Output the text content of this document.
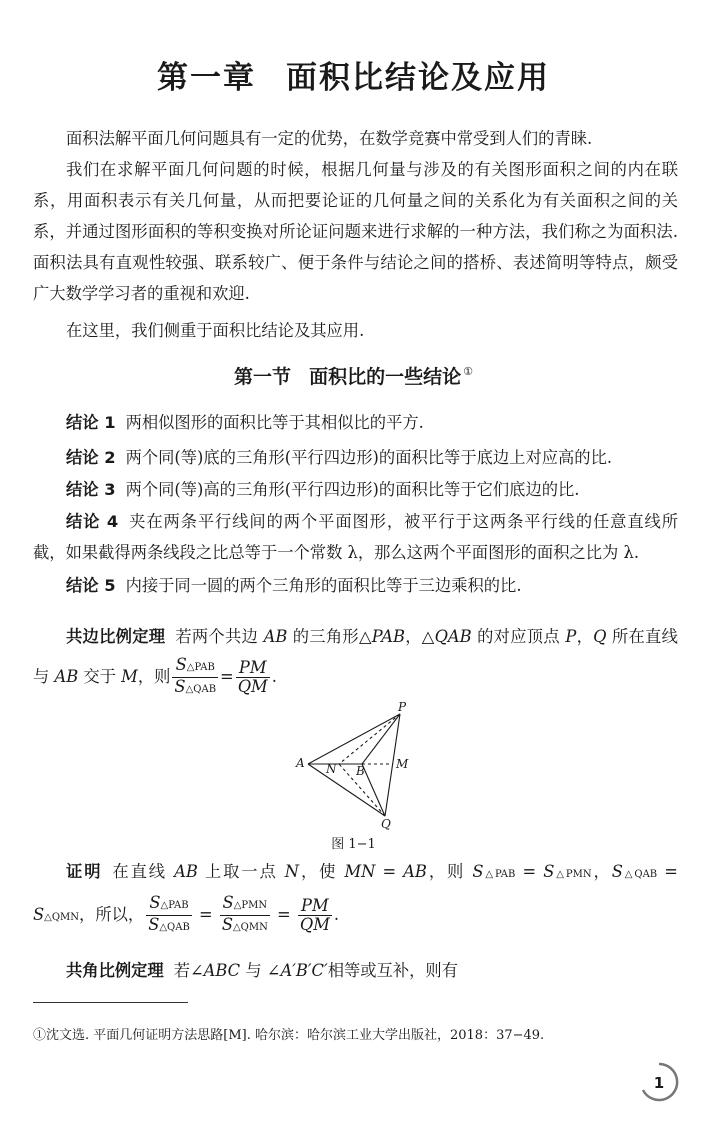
第一章 面积比结论及应用

面积法解平面几何问题具有一定的优势，在数学竞赛中常受到人们的青睐.

我们在求解平面几何问题的时候，根据几何量与涉及的有关图形面积之间的内在联系，用面积表示有关几何量，从而把要论证的几何量之间的关系化为有关面积之间的关系，并通过图形面积的等积变换对所论证问题来进行求解的一种方法，我们称之为面积法. 面积法具有直观性较强、联系较广、便于条件与结论之间的搭桥、表述简明等特点，颇受广大数学学习者的重视和欢迎.

在这里，我们侧重于面积比结论及其应用.

第一节 面积比的一些结论 ①

结论 1 两相似图形的面积比等于其相似比的平方.

结论 2 两个同(等)底的三角形(平行四边形)的面积比等于底边上对应高的比.

结论 3 两个同(等)高的三角形(平行四边形)的面积比等于它们底边的比.

结论 4 夹在两条平行线间的两个平面图形，被平行于这两条平行线的任意直线所截，如果截得两条线段之比总等于一个常数 λ，那么这两个平面图形的面积之比为 λ.

结论 5 内接于同一圆的两个三角形的面积比等于三边乘积的比.

共边比例定理 若两个共边 AB 的三角形△PAB，△QAB 的对应顶点 P，Q 所在直线与 AB 交于 M，则 $\frac{\text{S△PAB}}{\text{S△QAB}} = \frac{PM}{QM}$ .

P
A N B	M
Q
图 1−1

证明 在直线 AB 上取一点 N，使 MN = AB，则 S△PAB = S△PMN，S△QAB = S△QMN，所以， $\frac{\text{S△PAB}}{\text{S△QAB}} = \frac{\text{S△PMN}}{\text{S△QMN}} = \frac{PM}{QM}$ .

共角比例定理 若∠ABC 与 ∠A′B′C′相等或互补，则有

①沈文选. 平面几何证明方法思路[M]. 哈尔滨：哈尔滨工业大学出版社，2018：37−49.

1
